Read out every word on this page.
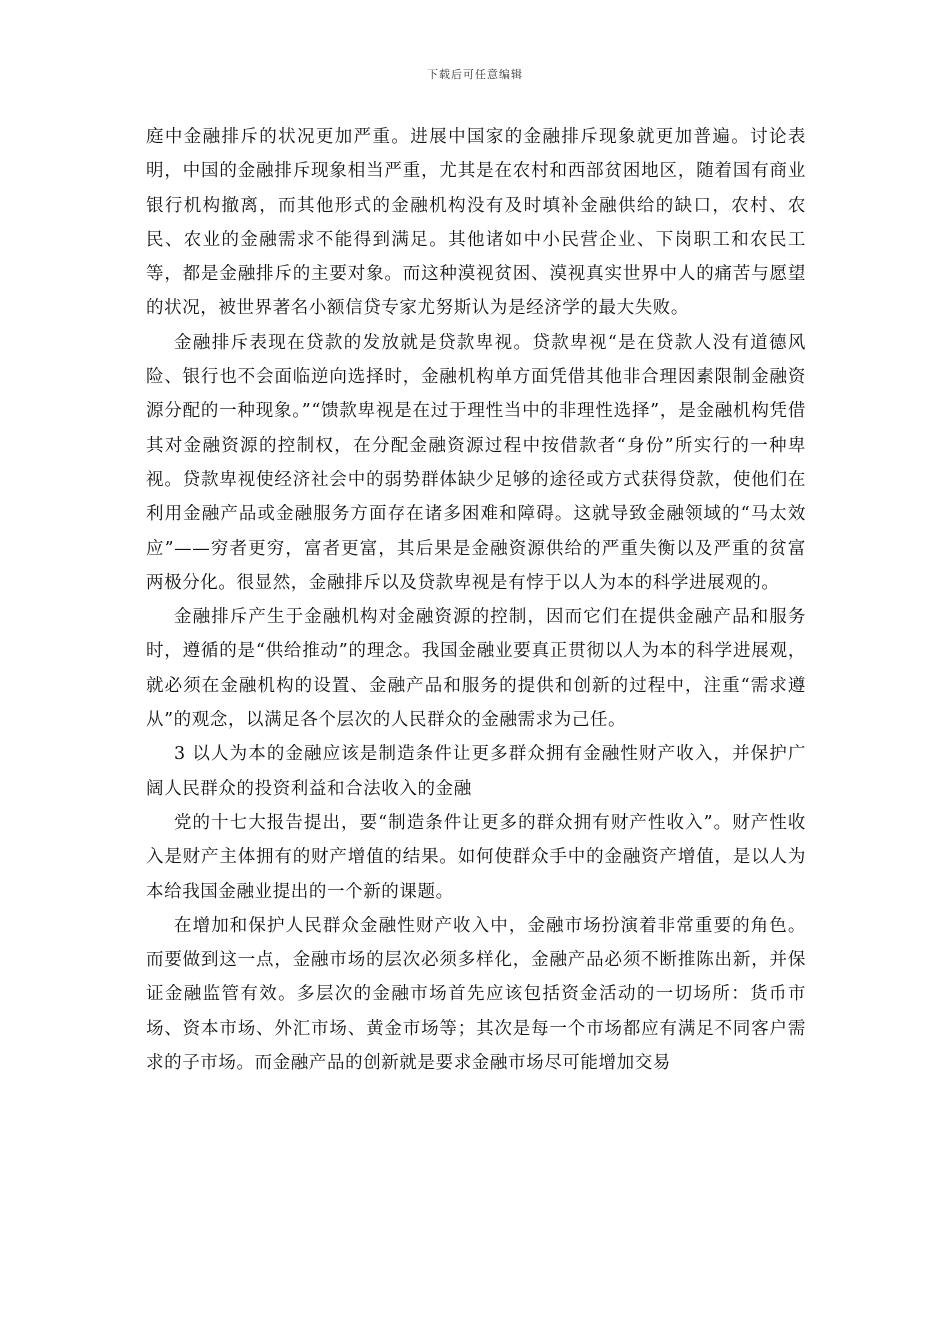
下载后可任意编辑

庭中金融排斥的状况更加严重。进展中国家的金融排斥现象就更加普遍。讨论表明，中国的金融排斥现象相当严重，尤其是在农村和西部贫困地区，随着国有商业银行机构撤离，而其他形式的金融机构没有及时填补金融供给的缺口，农村、农民、农业的金融需求不能得到满足。其他诸如中小民营企业、下岗职工和农民工等，都是金融排斥的主要对象。而这种漠视贫困、漠视真实世界中人的痛苦与愿望的状况，被世界著名小额信贷专家尤努斯认为是经济学的最大失败。

金融排斥表现在贷款的发放就是贷款卑视。贷款卑视“是在贷款人没有道德风险、银行也不会面临逆向选择时，金融机构单方面凭借其他非合理因素限制金融资源分配的一种现象。”“馈款卑视是在过于理性当中的非理性选择”，是金融机构凭借其对金融资源的控制权，在分配金融资源过程中按借款者“身份”所实行的一种卑视。贷款卑视使经济社会中的弱势群体缺少足够的途径或方式获得贷款，使他们在利用金融产品或金融服务方面存在诸多困难和障碍。这就导致金融领域的“马太效应”——穷者更穷，富者更富，其后果是金融资源供给的严重失衡以及严重的贫富两极分化。很显然，金融排斥以及贷款卑视是有悖于以人为本的科学进展观的。

金融排斥产生于金融机构对金融资源的控制，因而它们在提供金融产品和服务时，遵循的是“供给推动”的理念。我国金融业要真正贯彻以人为本的科学进展观，就必须在金融机构的设置、金融产品和服务的提供和创新的过程中，注重“需求遵从”的观念，以满足各个层次的人民群众的金融需求为己任。

3 以人为本的金融应该是制造条件让更多群众拥有金融性财产收入，并保护广阔人民群众的投资利益和合法收入的金融

党的十七大报告提出，要“制造条件让更多的群众拥有财产性收入”。财产性收入是财产主体拥有的财产增值的结果。如何使群众手中的金融资产增值，是以人为本给我国金融业提出的一个新的课题。

在增加和保护人民群众金融性财产收入中，金融市场扮演着非常重要的角色。而要做到这一点，金融市场的层次必须多样化，金融产品必须不断推陈出新，并保证金融监管有效。多层次的金融市场首先应该包括资金活动的一切场所：货币市场、资本市场、外汇市场、黄金市场等；其次是每一个市场都应有满足不同客户需求的子市场。而金融产品的创新就是要求金融市场尽可能增加交易
